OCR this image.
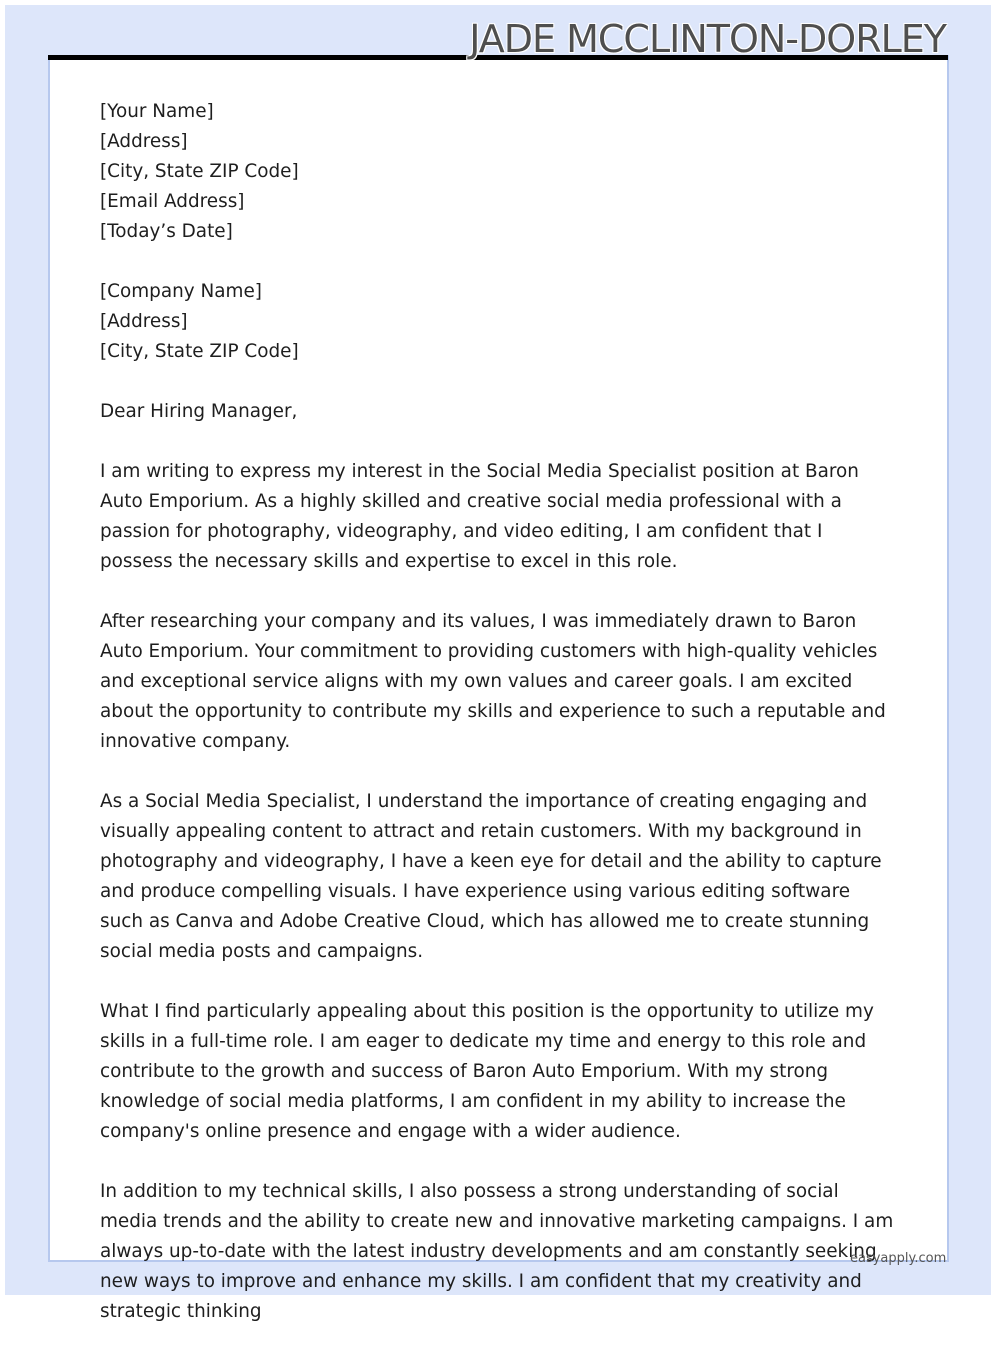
JADE MCCLINTON-DORLEY
[Your Name]
[Address]
[City, State ZIP Code]
[Email Address]
[Today’s Date]
[Company Name]
[Address]
[City, State ZIP Code]

Dear Hiring Manager,

I am writing to express my interest in the Social Media Specialist position at Baron Auto Emporium. As a highly skilled and creative social media professional with a passion for photography, videography, and video editing, I am confident that I possess the necessary skills and expertise to excel in this role.

After researching your company and its values, I was immediately drawn to Baron Auto Emporium. Your commitment to providing customers with high-quality vehicles and exceptional service aligns with my own values and career goals. I am excited about the opportunity to contribute my skills and experience to such a reputable and innovative company.

As a Social Media Specialist, I understand the importance of creating engaging and visually appealing content to attract and retain customers. With my background in photography and videography, I have a keen eye for detail and the ability to capture and produce compelling visuals. I have experience using various editing software such as Canva and Adobe Creative Cloud, which has allowed me to create stunning social media posts and campaigns.

What I find particularly appealing about this position is the opportunity to utilize my skills in a full-time role. I am eager to dedicate my time and energy to this role and contribute to the growth and success of Baron Auto Emporium. With my strong knowledge of social media platforms, I am confident in my ability to increase the company's online presence and engage with a wider audience.

In addition to my technical skills, I also possess a strong understanding of social media trends and the ability to create new and innovative marketing campaigns. I am always up-to-date with the latest industry developments and am constantly seeking new ways to improve and enhance my skills. I am confident that my creativity and strategic thinking

easyapply.com
